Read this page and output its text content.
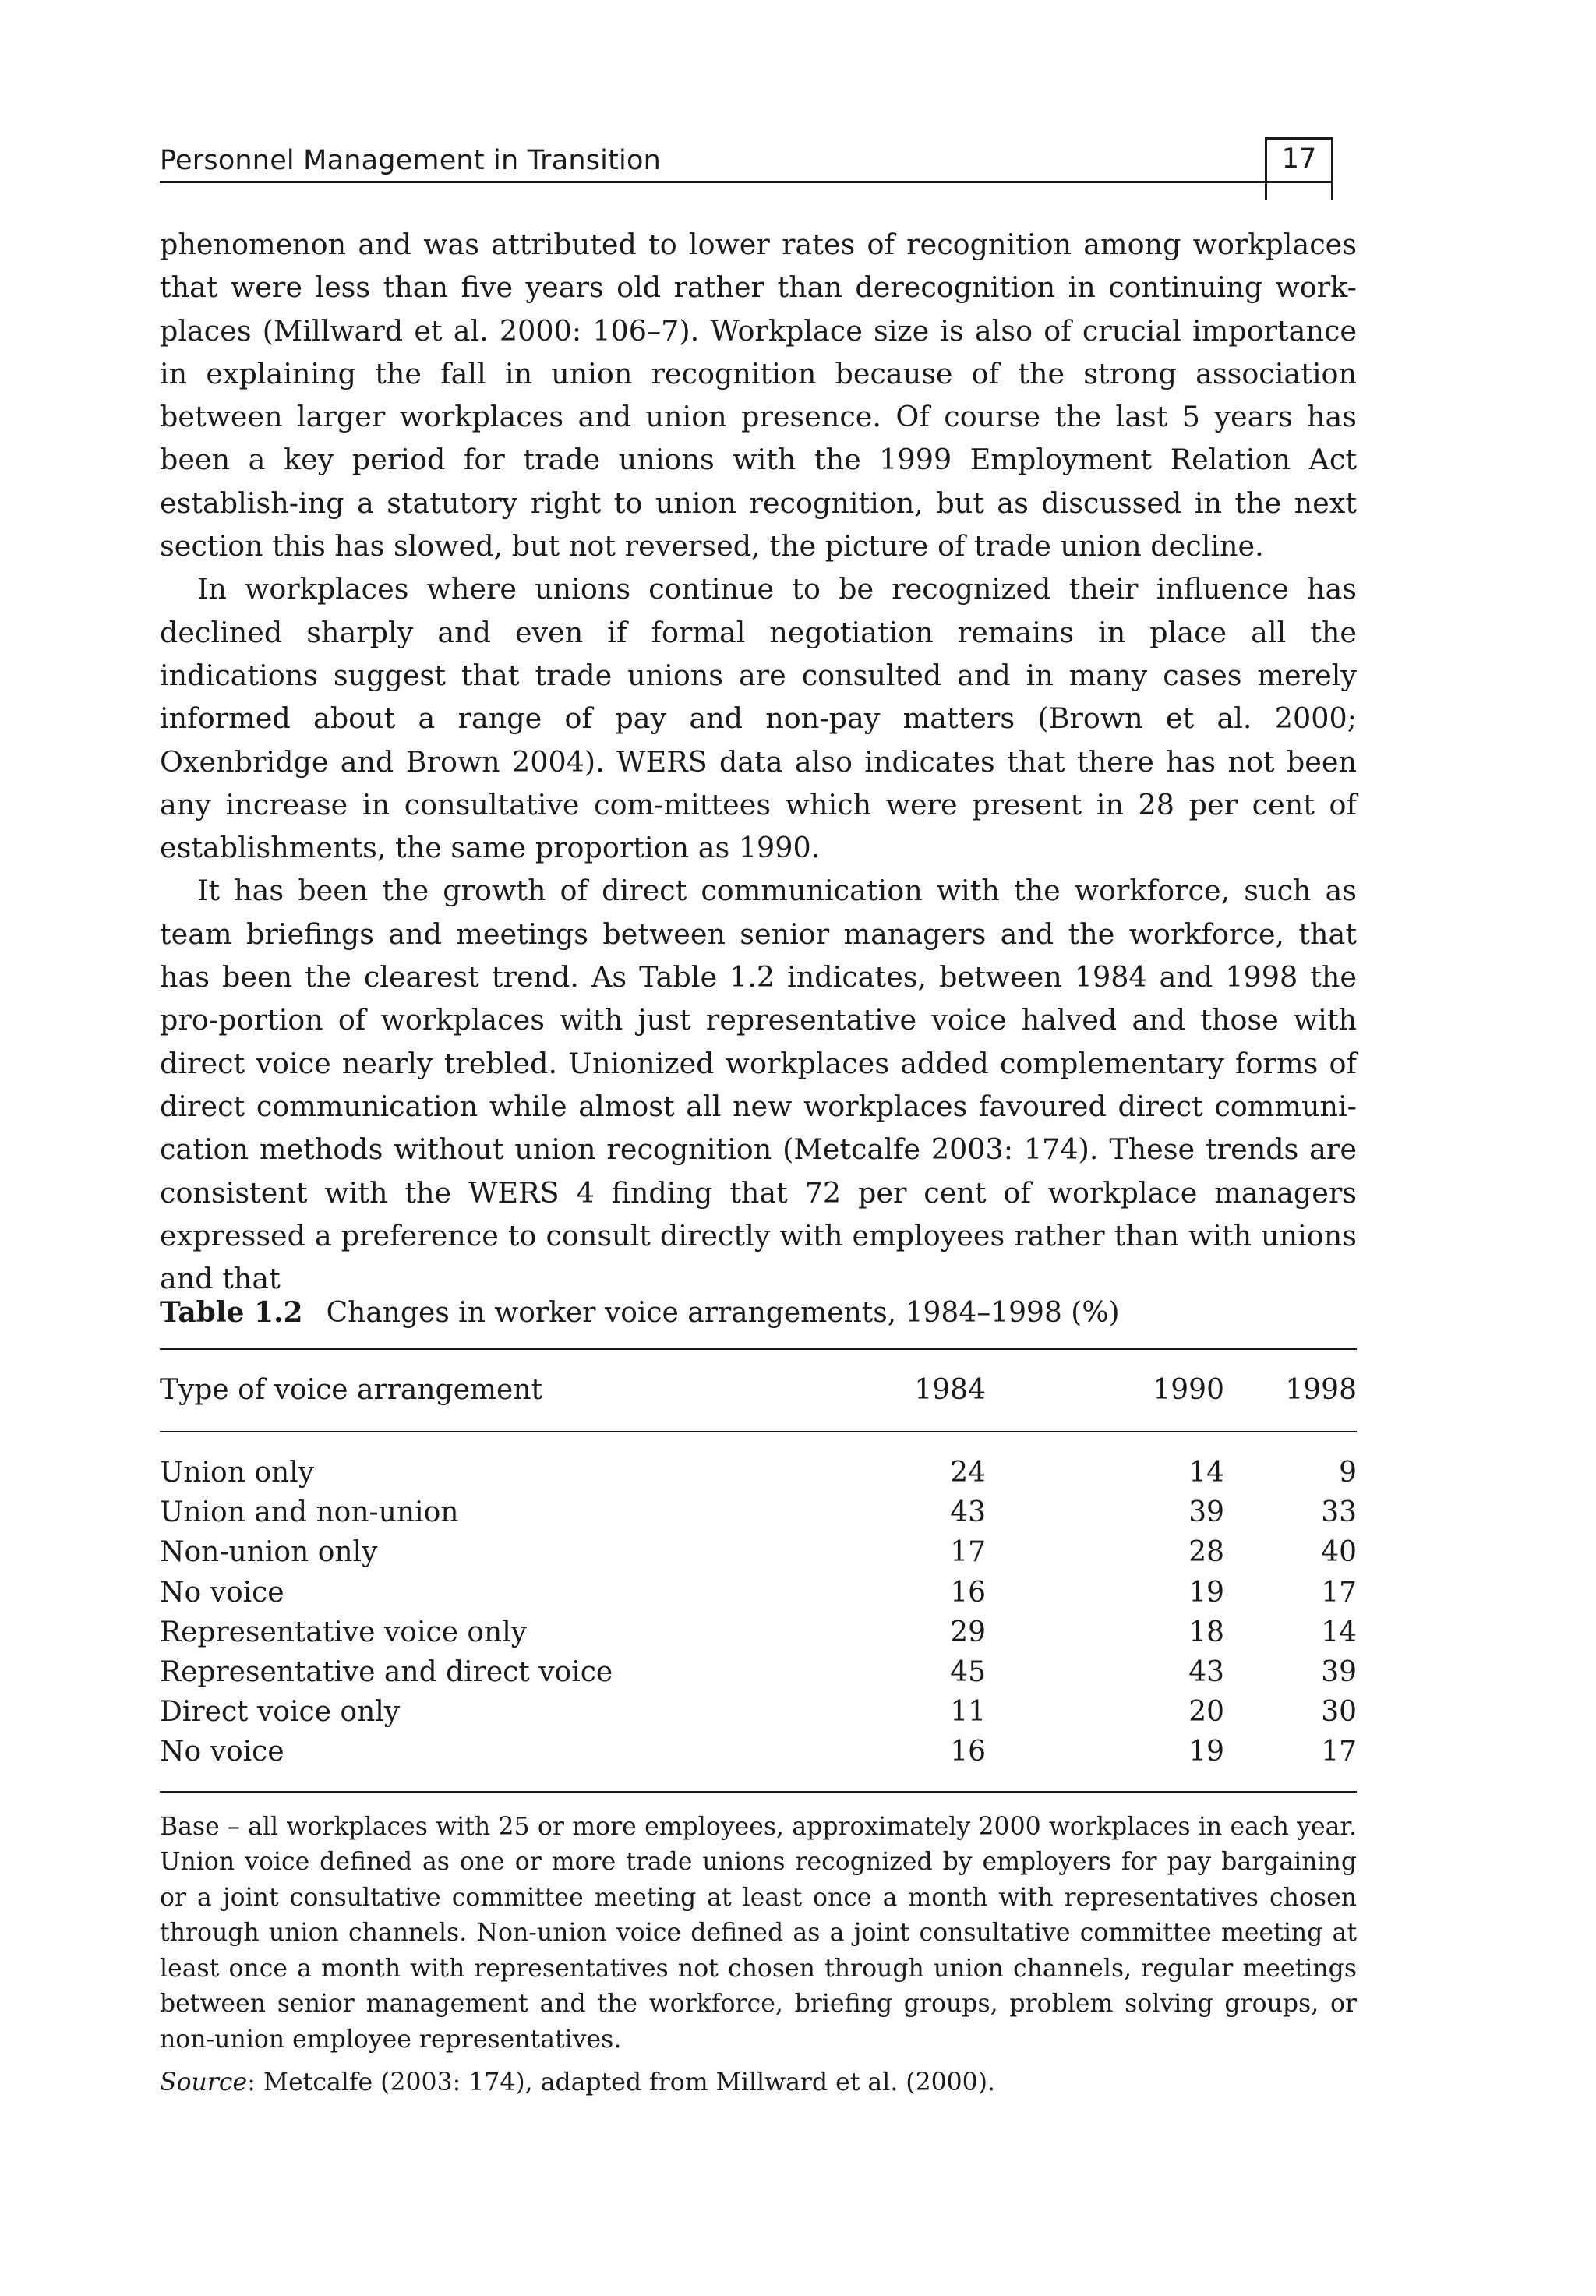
Personnel Management in Transition	17

phenomenon and was attributed to lower rates of recognition among workplaces that were less than five years old rather than derecognition in continuing work-places (Millward et al. 2000: 106–7). Workplace size is also of crucial importance in explaining the fall in union recognition because of the strong association between larger workplaces and union presence. Of course the last 5 years has been a key period for trade unions with the 1999 Employment Relation Act establish-ing a statutory right to union recognition, but as discussed in the next section this has slowed, but not reversed, the picture of trade union decline.

In workplaces where unions continue to be recognized their influence has declined sharply and even if formal negotiation remains in place all the indications suggest that trade unions are consulted and in many cases merely informed about a range of pay and non-pay matters (Brown et al. 2000; Oxenbridge and Brown 2004). WERS data also indicates that there has not been any increase in consultative com-mittees which were present in 28 per cent of establishments, the same proportion as 1990.

It has been the growth of direct communication with the workforce, such as team briefings and meetings between senior managers and the workforce, that has been the clearest trend. As Table 1.2 indicates, between 1984 and 1998 the pro-portion of workplaces with just representative voice halved and those with direct voice nearly trebled. Unionized workplaces added complementary forms of direct communication while almost all new workplaces favoured direct communi-cation methods without union recognition (Metcalfe 2003: 174). These trends are consistent with the WERS 4 finding that 72 per cent of workplace managers expressed a preference to consult directly with employees rather than with unions and that

Table 1.2 Changes in worker voice arrangements, 1984–1998 (%)
Type of voice arrangement	1984	1990	1998
Union only	24	14	9
Union and non-union	43	39	33
Non-union only	17	28	40
No voice	16	19	17
Representative voice only	29	18	14
Representative and direct voice	45	43	39
Direct voice only	11	20	30
No voice	16	19	17

Base – all workplaces with 25 or more employees, approximately 2000 workplaces in each year. Union voice defined as one or more trade unions recognized by employers for pay bargaining or a joint consultative committee meeting at least once a month with representatives chosen through union channels. Non-union voice defined as a joint consultative committee meeting at least once a month with representatives not chosen through union channels, regular meetings between senior management and the workforce, briefing groups, problem solving groups, or non-union employee representatives.

Source: Metcalfe (2003: 174), adapted from Millward et al. (2000).
